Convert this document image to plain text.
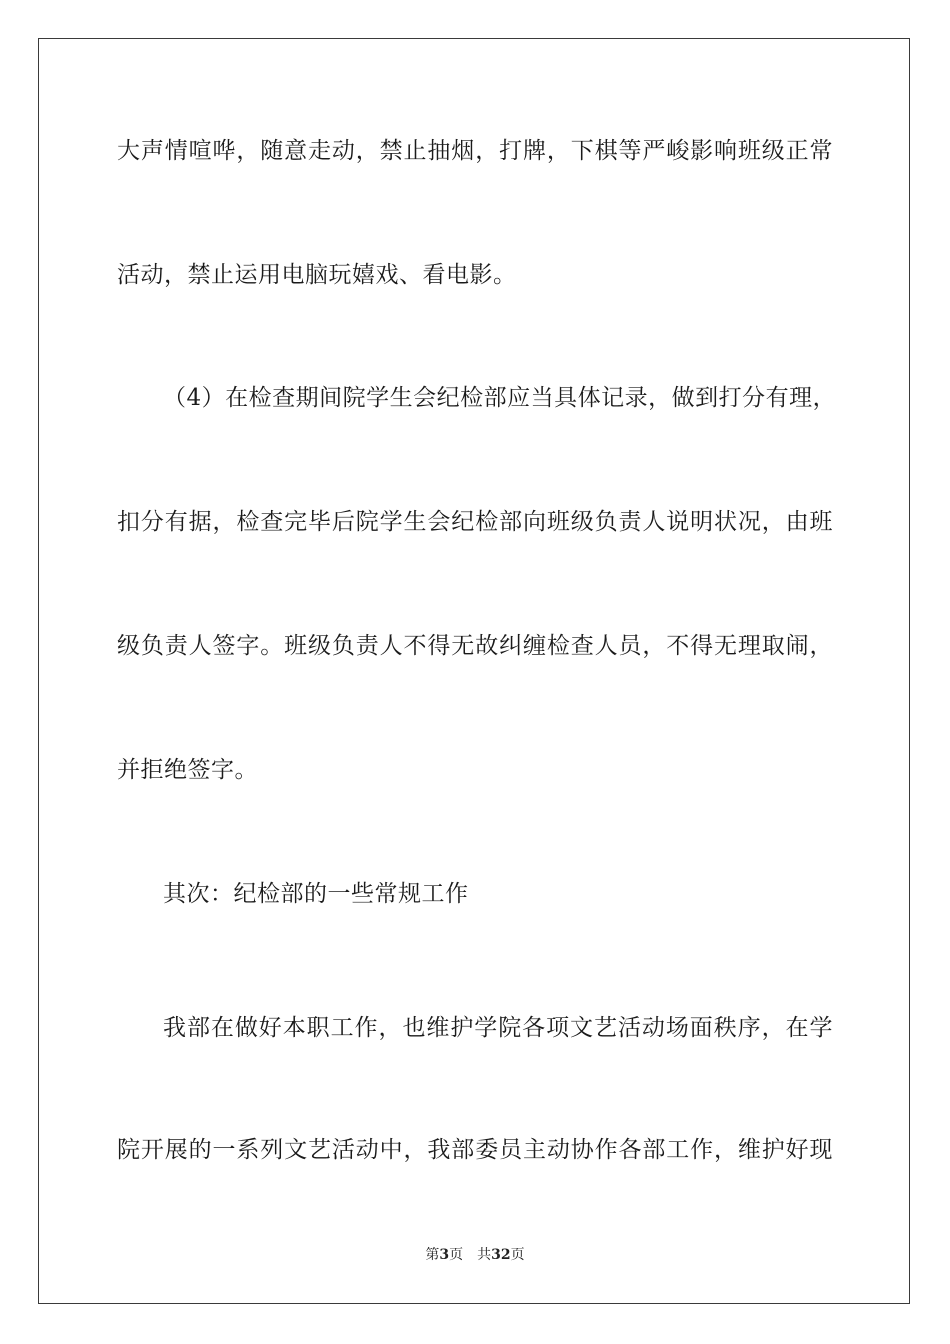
大声情喧哗，随意走动，禁止抽烟，打牌，下棋等严峻影响班级正常
活动，禁止运用电脑玩嬉戏、看电影。
（4）在检查期间院学生会纪检部应当具体记录，做到打分有理，
扣分有据，检查完毕后院学生会纪检部向班级负责人说明状况，由班
级负责人签字。班级负责人不得无故纠缠检查人员，不得无理取闹，
并拒绝签字。
其次：纪检部的一些常规工作
我部在做好本职工作，也维护学院各项文艺活动场面秩序，在学
院开展的一系列文艺活动中，我部委员主动协作各部工作，维护好现
第3页 共32页
